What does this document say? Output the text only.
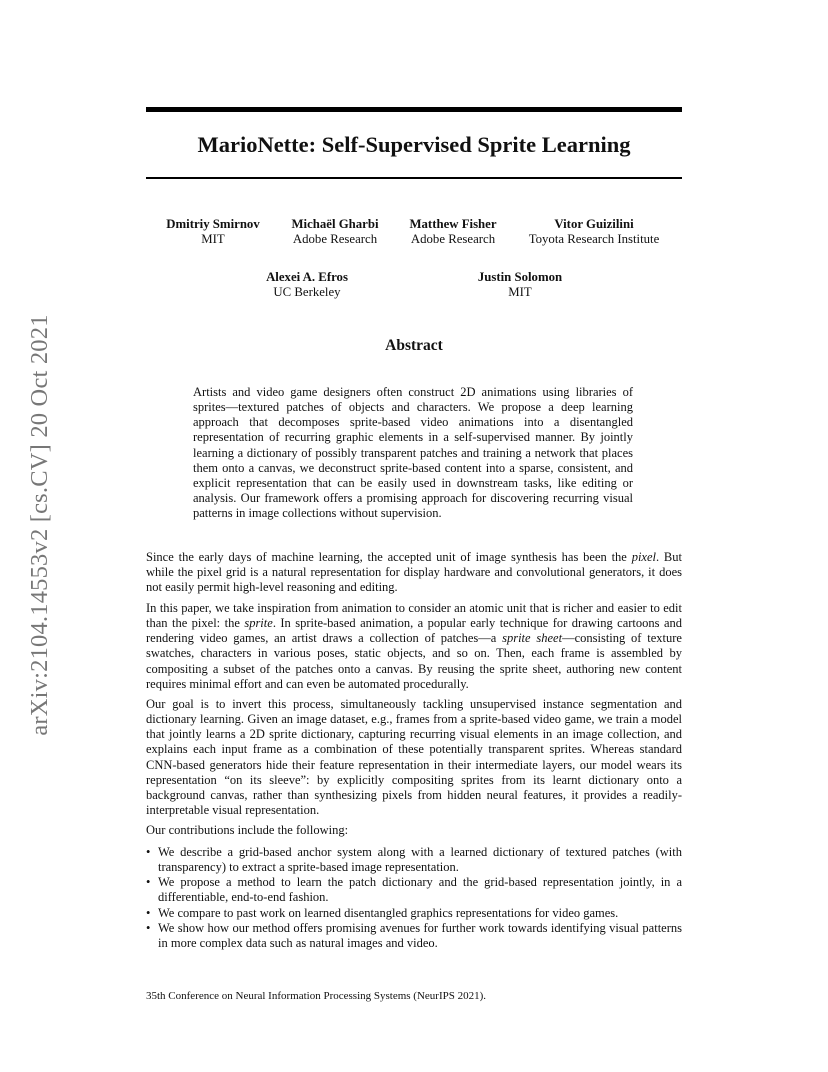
arXiv:2104.14553v2 [cs.CV] 20 Oct 2021
MarioNette: Self-Supervised Sprite Learning
Dmitriy Smirnov
MIT
Michaël Gharbi
Adobe Research
Matthew Fisher
Adobe Research
Vitor Guizilini
Toyota Research Institute
Alexei A. Efros
UC Berkeley
Justin Solomon
MIT
Abstract
Artists and video game designers often construct 2D animations using libraries of sprites—textured patches of objects and characters. We propose a deep learning approach that decomposes sprite-based video animations into a disentangled representation of recurring graphic elements in a self-supervised manner. By jointly learning a dictionary of possibly transparent patches and training a network that places them onto a canvas, we deconstruct sprite-based content into a sparse, consistent, and explicit representation that can be easily used in downstream tasks, like editing or analysis. Our framework offers a promising approach for discovering recurring visual patterns in image collections without supervision.

Since the early days of machine learning, the accepted unit of image synthesis has been the pixel. But while the pixel grid is a natural representation for display hardware and convolutional generators, it does not easily permit high-level reasoning and editing.

In this paper, we take inspiration from animation to consider an atomic unit that is richer and easier to edit than the pixel: the sprite. In sprite-based animation, a popular early technique for drawing cartoons and rendering video games, an artist draws a collection of patches—a sprite sheet—consisting of texture swatches, characters in various poses, static objects, and so on. Then, each frame is assembled by compositing a subset of the patches onto a canvas. By reusing the sprite sheet, authoring new content requires minimal effort and can even be automated procedurally.

Our goal is to invert this process, simultaneously tackling unsupervised instance segmentation and dictionary learning. Given an image dataset, e.g., frames from a sprite-based video game, we train a model that jointly learns a 2D sprite dictionary, capturing recurring visual elements in an image collection, and explains each input frame as a combination of these potentially transparent sprites. Whereas standard CNN-based generators hide their feature representation in their intermediate layers, our model wears its representation “on its sleeve”: by explicitly compositing sprites from its learnt dictionary onto a background canvas, rather than synthesizing pixels from hidden neural features, it provides a readily-interpretable visual representation.

Our contributions include the following:

• We describe a grid-based anchor system along with a learned dictionary of textured patches (with transparency) to extract a sprite-based image representation.
• We propose a method to learn the patch dictionary and the grid-based representation jointly, in a differentiable, end-to-end fashion.
• We compare to past work on learned disentangled graphics representations for video games.
• We show how our method offers promising avenues for further work towards identifying visual patterns in more complex data such as natural images and video.
35th Conference on Neural Information Processing Systems (NeurIPS 2021).
